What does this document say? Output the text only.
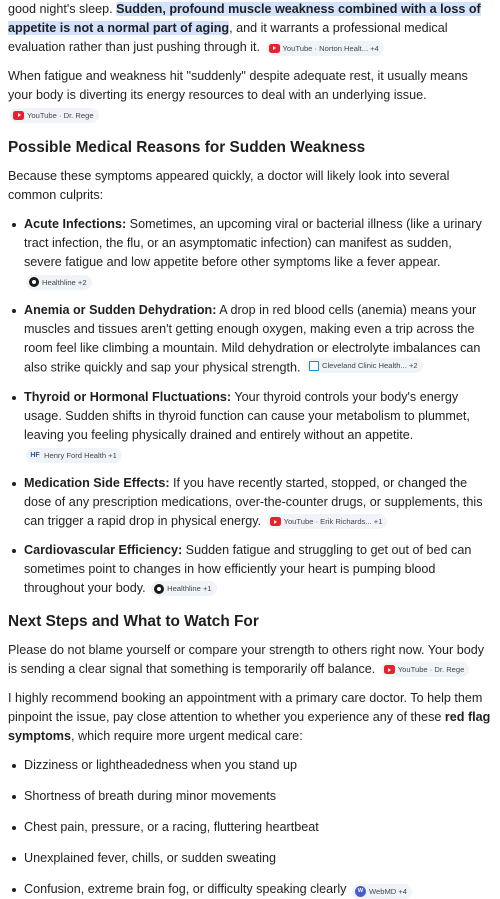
good night's sleep. Sudden, profound muscle weakness combined with a loss of appetite is not a normal part of aging, and it warrants a professional medical evaluation rather than just pushing through it.	YouTube · Norton Healt... +4

When fatigue and weakness hit "suddenly" despite adequate rest, it usually means your body is diverting its energy resources to deal with an underlying issue.
YouTube · Dr. Rege

Possible Medical Reasons for Sudden Weakness

Because these symptoms appeared quickly, a doctor will likely look into several common culprits:

Acute Infections: Sometimes, an upcoming viral or bacterial illness (like a urinary tract infection, the flu, or an asymptomatic infection) can manifest as sudden, severe fatigue and low appetite before other symptoms like a fever appear.
Healthline +2
Anemia or Sudden Dehydration: A drop in red blood cells (anemia) means your muscles and tissues aren't getting enough oxygen, making even a trip across the room feel like climbing a mountain. Mild dehydration or electrolyte imbalances can also strike quickly and sap your physical strength. Cleveland Clinic Health... +2
Thyroid or Hormonal Fluctuations: Your thyroid controls your body's energy usage. Sudden shifts in thyroid function can cause your metabolism to plummet, leaving you feeling physically drained and entirely without an appetite.
HF Henry Ford Health +1
Medication Side Effects: If you have recently started, stopped, or changed the dose of any prescription medications, over-the-counter drugs, or supplements, this can trigger a rapid drop in physical energy.	YouTube · Erik Richards... +1
Cardiovascular Efficiency: Sudden fatigue and struggling to get out of bed can sometimes point to changes in how efficiently your heart is pumping blood throughout your body. Healthline +1
Next Steps and What to Watch For

Please do not blame yourself or compare your strength to others right now. Your body is sending a clear signal that something is temporarily off balance.	YouTube · Dr. Rege

I highly recommend booking an appointment with a primary care doctor. To help them pinpoint the issue, pay close attention to whether you experience any of these red flag symptoms, which require more urgent medical care:

Dizziness or lightheadedness when you stand up
Shortness of breath during minor movements
Chest pain, pressure, or a racing, fluttering heartbeat
Unexplained fever, chills, or sudden sweating
Confusion, extreme brain fog, or difficulty speaking clearly	W WebMD +4
